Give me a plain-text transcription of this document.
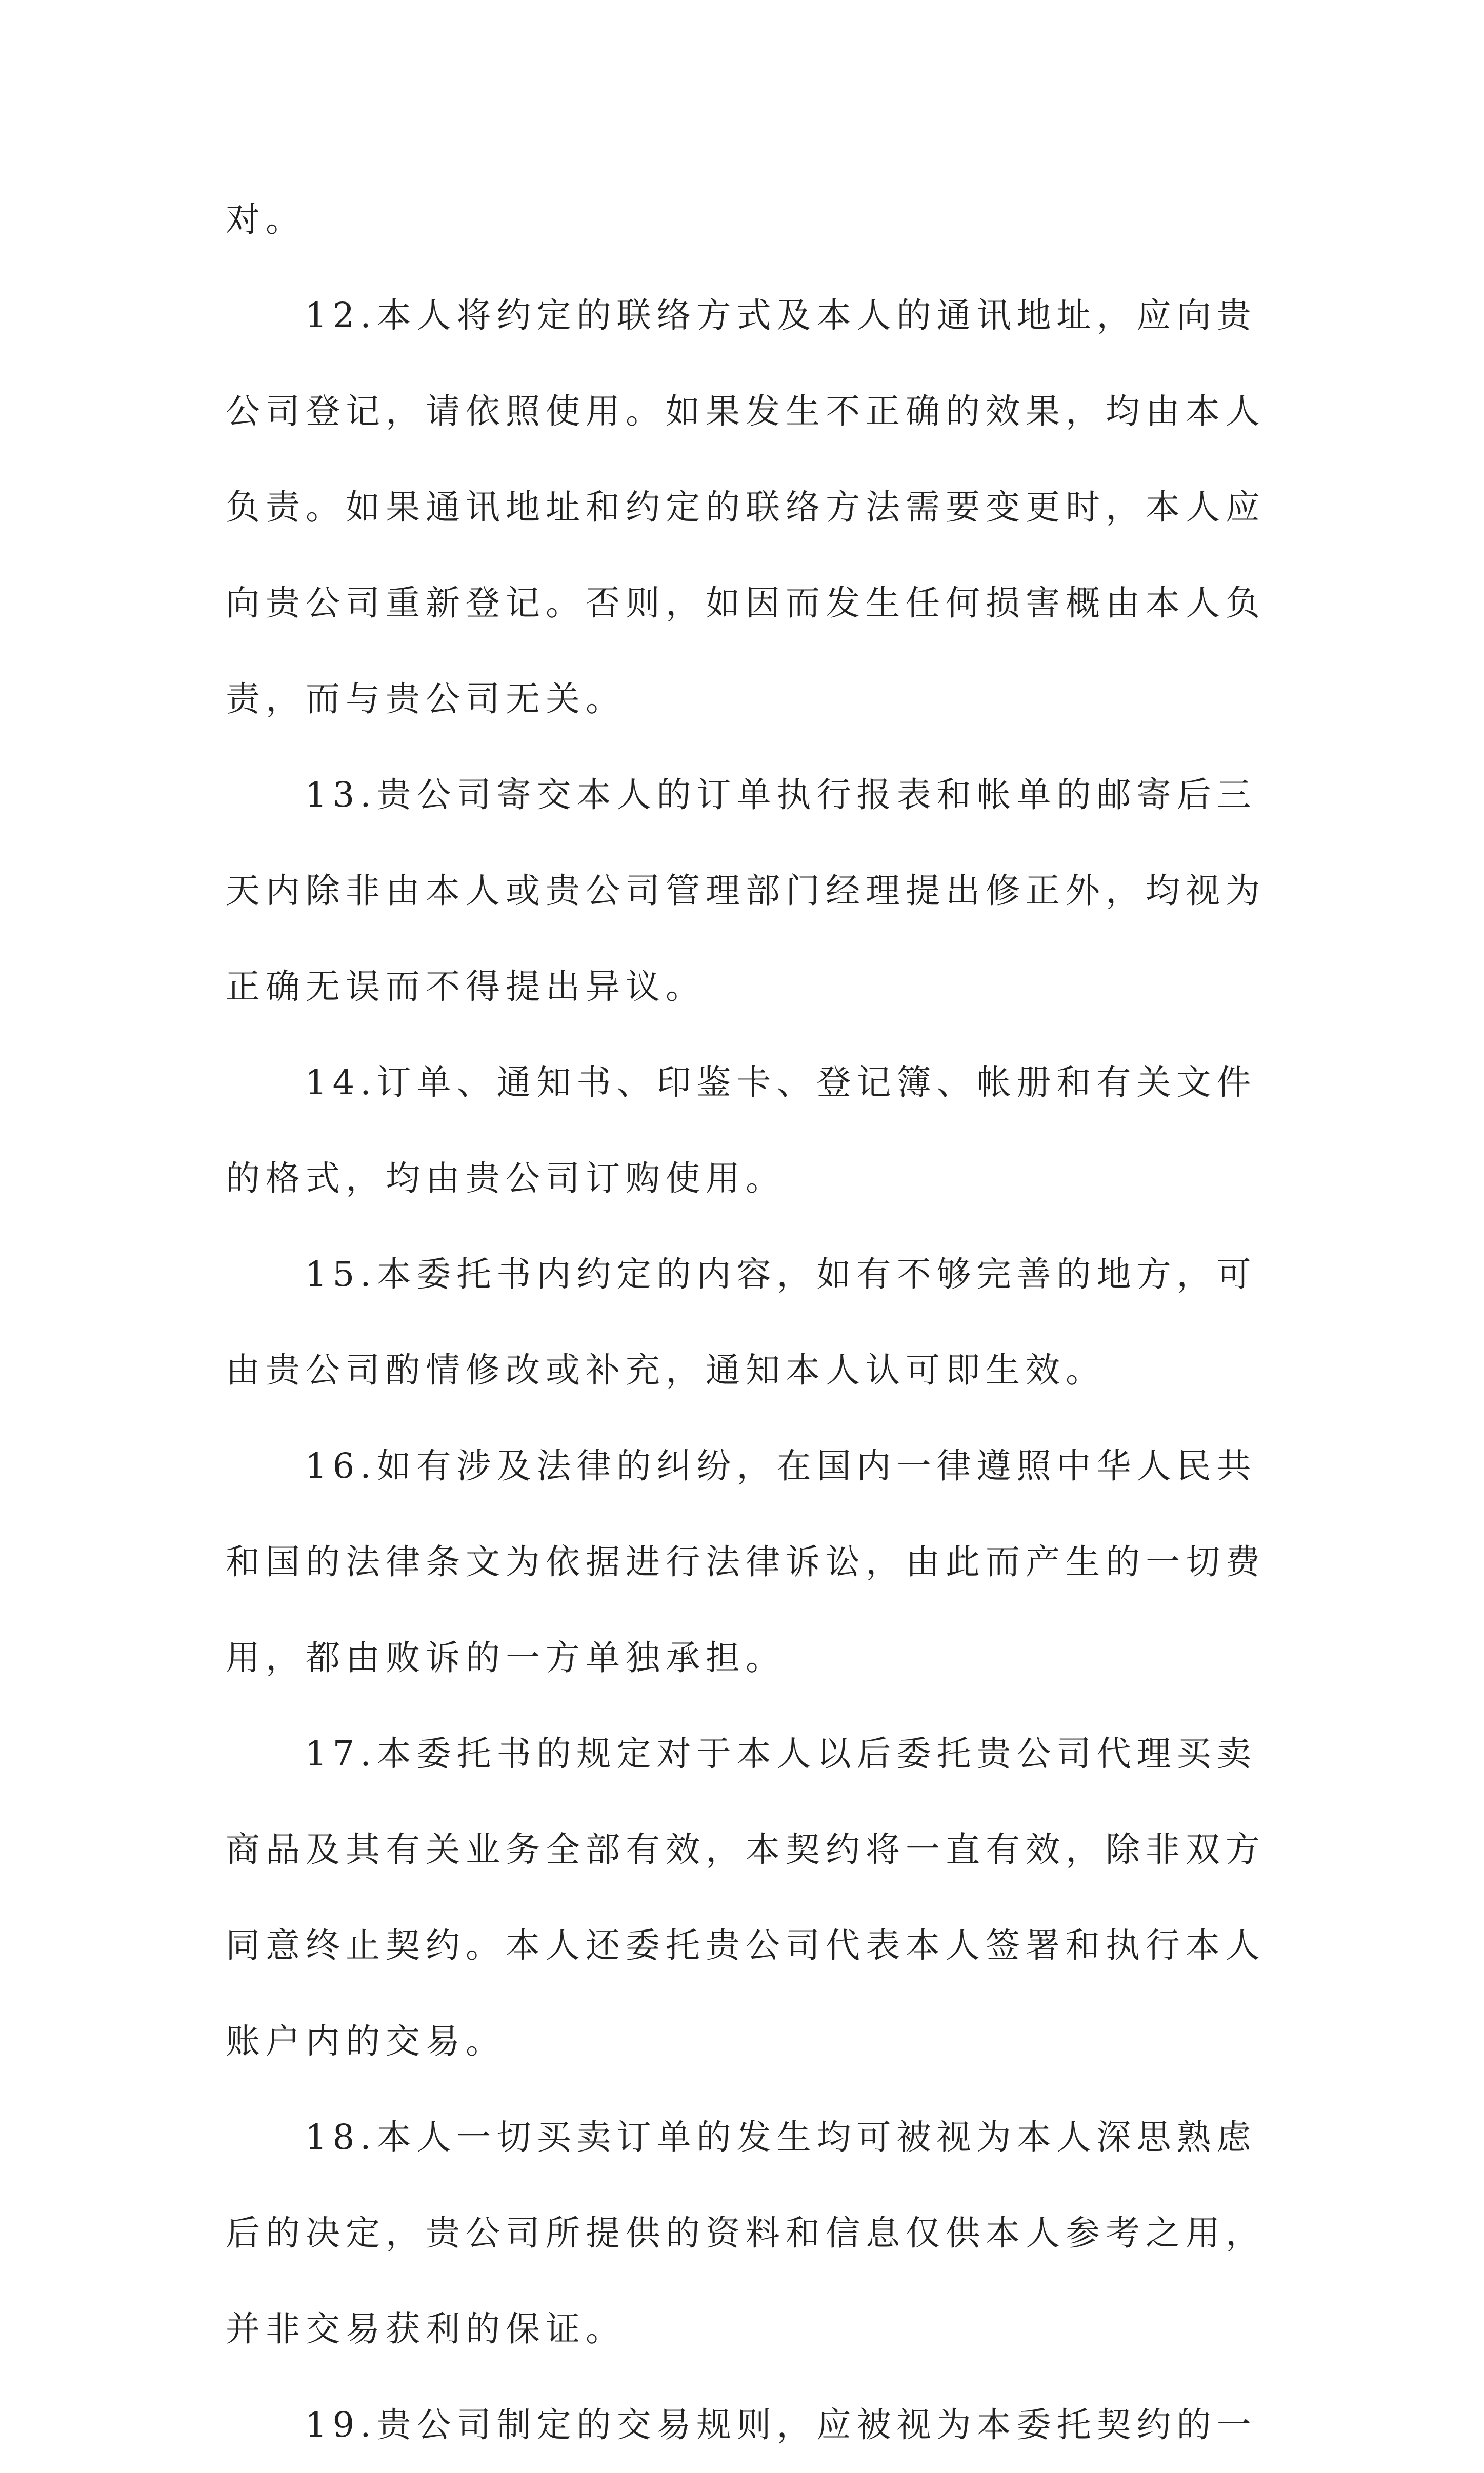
对。
12.本人将约定的联络方式及本人的通讯地址，应向贵
公司登记，请依照使用。如果发生不正确的效果，均由本人
负责。如果通讯地址和约定的联络方法需要变更时，本人应
向贵公司重新登记。否则，如因而发生任何损害概由本人负
责，而与贵公司无关。
13.贵公司寄交本人的订单执行报表和帐单的邮寄后三
天内除非由本人或贵公司管理部门经理提出修正外，均视为
正确无误而不得提出异议。
14.订单、通知书、印鉴卡、登记簿、帐册和有关文件
的格式，均由贵公司订购使用。
15.本委托书内约定的内容，如有不够完善的地方，可
由贵公司酌情修改或补充，通知本人认可即生效。
16.如有涉及法律的纠纷，在国内一律遵照中华人民共
和国的法律条文为依据进行法律诉讼，由此而产生的一切费
用，都由败诉的一方单独承担。
17.本委托书的规定对于本人以后委托贵公司代理买卖
商品及其有关业务全部有效，本契约将一直有效，除非双方
同意终止契约。本人还委托贵公司代表本人签署和执行本人
账户内的交易。
18.本人一切买卖订单的发生均可被视为本人深思熟虑
后的决定，贵公司所提供的资料和信息仅供本人参考之用，
并非交易获利的保证。
19.贵公司制定的交易规则，应被视为本委托契约的一
